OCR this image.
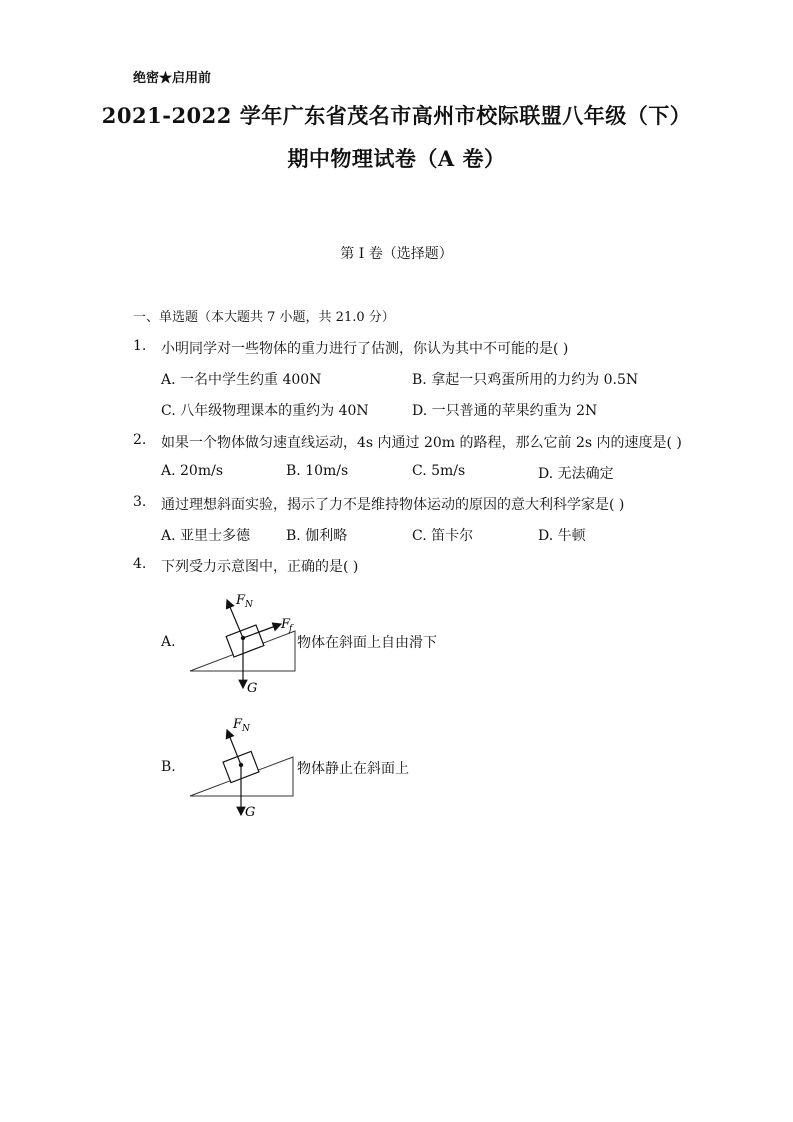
绝密★启用前
2021-2022 学年广东省茂名市高州市校际联盟八年级（下）
期中物理试卷（A 卷）
第 I 卷（选择题）
一、单选题（本大题共 7 小题，共 21.0 分）
1. 小明同学对一些物体的重力进行了估测，你认为其中不可能的是( )
A. 一名中学生约重 400N	B. 拿起一只鸡蛋所用的力约为 0.5N
C. 八年级物理课本的重约为 40N	D. 一只普通的苹果约重为 2N
2. 如果一个物体做匀速直线运动，4s 内通过 20m 的路程，那么它前 2s 内的速度是( )
A. 20m/s	B. 10m/s	C. 5m/s	D. 无法确定
3. 通过理想斜面实验，揭示了力不是维持物体运动的原因的意大利科学家是( )
A. 亚里士多德	B. 伽利略	C. 笛卡尔	D. 牛顿
4. 下列受力示意图中，正确的是( )
A.
F N
F
f
G
物体在斜面上自由滑下
B.
F N
G
物体静止在斜面上
